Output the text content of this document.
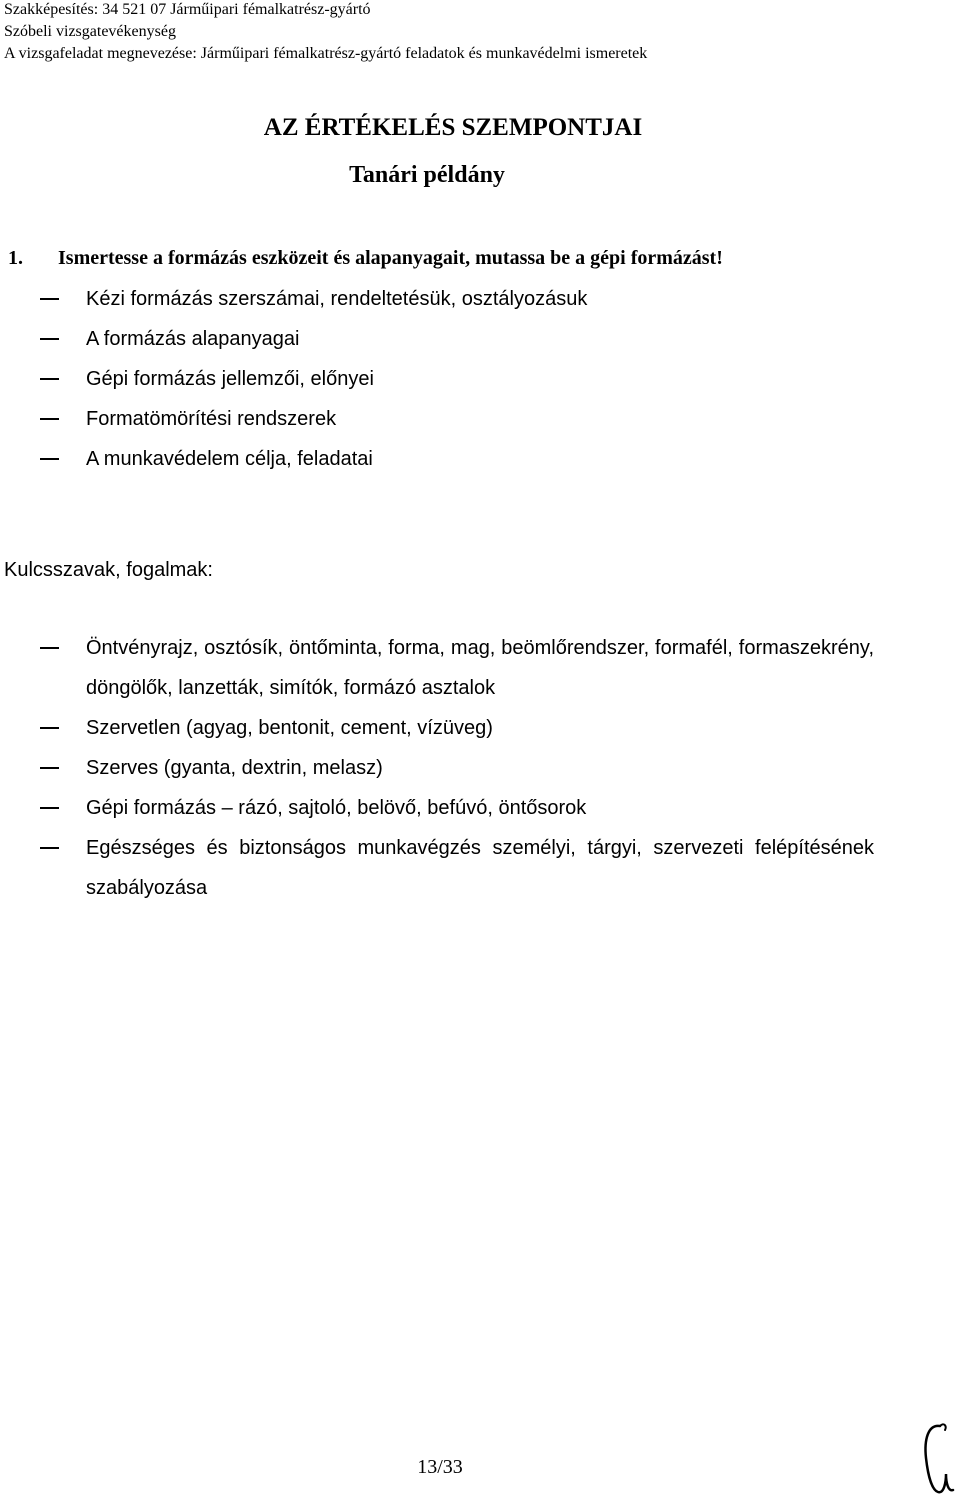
Szakképesítés: 34 521 07 Járműipari fémalkatrész-gyártó
Szóbeli vizsgatevékenység
A vizsgafeladat megnevezése: Járműipari fémalkatrész-gyártó feladatok és munkavédelmi ismeretek
AZ ÉRTÉKELÉS SZEMPONTJAI
Tanári példány
1. Ismertesse a formázás eszközeit és alapanyagait, mutassa be a gépi formázást!
Kézi formázás szerszámai, rendeltetésük, osztályozásuk
A formázás alapanyagai
Gépi formázás jellemzői, előnyei
Formatömörítési rendszerek
A munkavédelem célja, feladatai
Kulcsszavak, fogalmak:
Öntvényrajz, osztósík, öntőminta, forma, mag, beömlőrendszer, formafél, formaszekrény, döngölők, lanzetták, simítók, formázó asztalok
Szervetlen (agyag, bentonit, cement, vízüveg)
Szerves (gyanta, dextrin, melasz)
Gépi formázás – rázó, sajtoló, belövő, befúvó, öntősorok
Egészséges és biztonságos munkavégzés személyi, tárgyi, szervezeti felépítésének szabályozása
13/33
